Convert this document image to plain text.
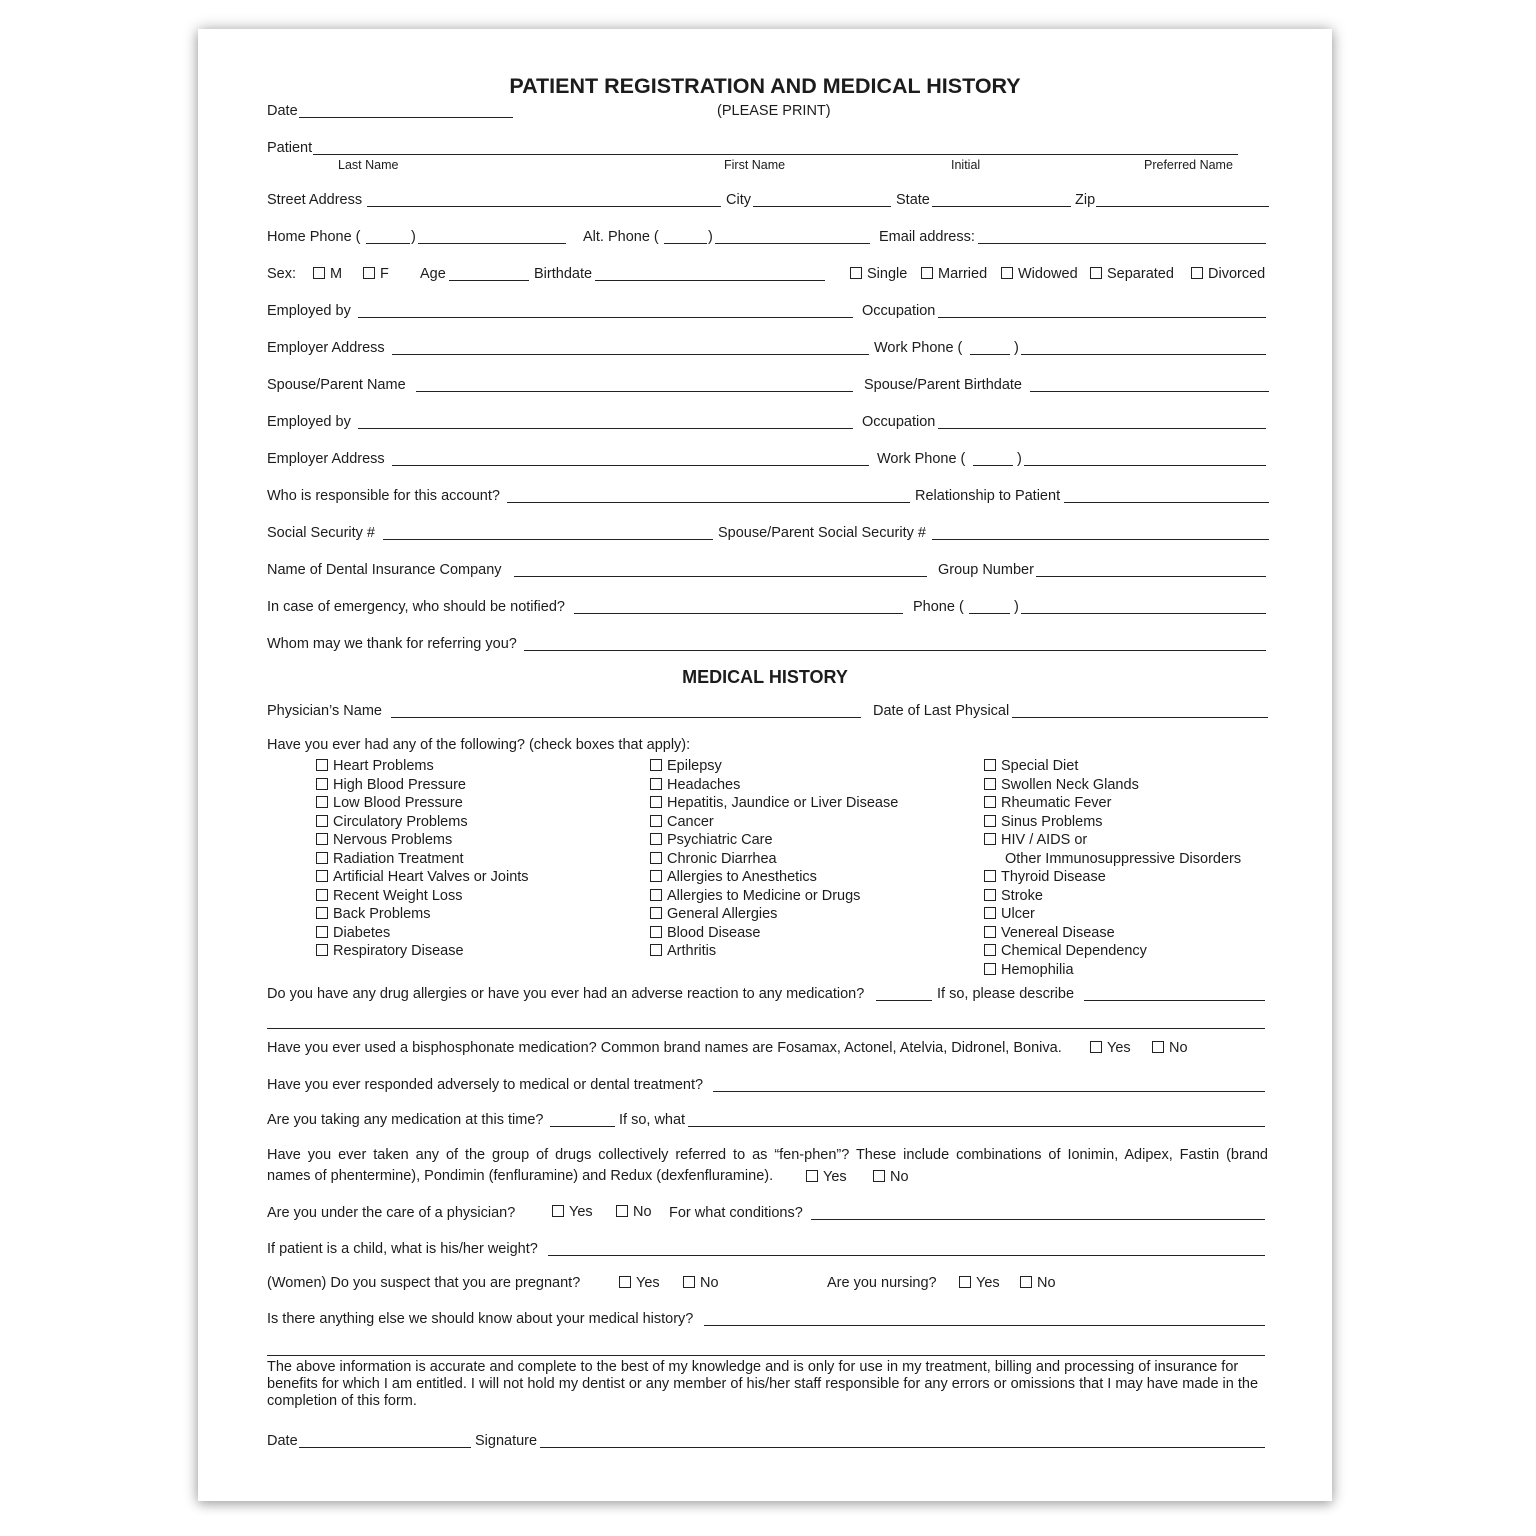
PATIENT REGISTRATION AND MEDICAL HISTORY
Date	(PLEASE PRINT)
Patient
Last Name	First Name	Initial	Preferred Name
Street Address	City	State	Zip
Home Phone (	)	Alt. Phone (	)	Email address:
Sex:	M	F Age	Birthdate	Single	Married	Widowed	Separated	Divorced
Employed by	Occupation
Employer Address	Work Phone (	)
Spouse/Parent Name	Spouse/Parent Birthdate
Employed by	Occupation
Employer Address	Work Phone (	)
Who is responsible for this account?	Relationship to Patient
Social Security #	Spouse/Parent Social Security #
Name of Dental Insurance Company	Group Number
In case of emergency, who should be notified?	Phone (	)
Whom may we thank for referring you?
MEDICAL HISTORY
Physician’s Name	Date of Last Physical
Have you ever had any of the following? (check boxes that apply):
Heart Problems
High Blood Pressure
Low Blood Pressure
Circulatory Problems
Nervous Problems
Radiation Treatment
Artificial Heart Valves or Joints
Recent Weight Loss
Back Problems
Diabetes
Respiratory Disease
Epilepsy
Headaches
Hepatitis, Jaundice or Liver Disease
Cancer
Psychiatric Care
Chronic Diarrhea
Allergies to Anesthetics
Allergies to Medicine or Drugs
General Allergies
Blood Disease
Arthritis
Special Diet
Swollen Neck Glands
Rheumatic Fever
Sinus Problems
HIV / AIDS or
Other Immunosuppressive Disorders
Thyroid Disease
Stroke
Ulcer
Venereal Disease
Chemical Dependency
Hemophilia
Do you have any drug allergies or have you ever had an adverse reaction to any medication?	If so, please describe
Have you ever used a bisphosphonate medication? Common brand names are Fosamax, Actonel, Atelvia, Didronel, Boniva.	Yes	No
Have you ever responded adversely to medical or dental treatment?
Are you taking any medication at this time?	If so, what
Have you ever taken any of the group of drugs collectively referred to as “fen-phen”? These include combinations of Ionimin, Adipex, Fastin (brand
names of phentermine), Pondimin (fenfluramine) and Redux (dexfenfluramine).	Yes	No
Are you under the care of a physician?	Yes	No For what conditions?
If patient is a child, what is his/her weight?
(Women) Do you suspect that you are pregnant?	Yes	No	Are you nursing?	Yes	No
Is there anything else we should know about your medical history?
The above information is accurate and complete to the best of my knowledge and is only for use in my treatment, billing and processing of insurance for benefits for which I am entitled. I will not hold my dentist or any member of his/her staff responsible for any errors or omissions that I may have made in the completion of this form.
Date	Signature
